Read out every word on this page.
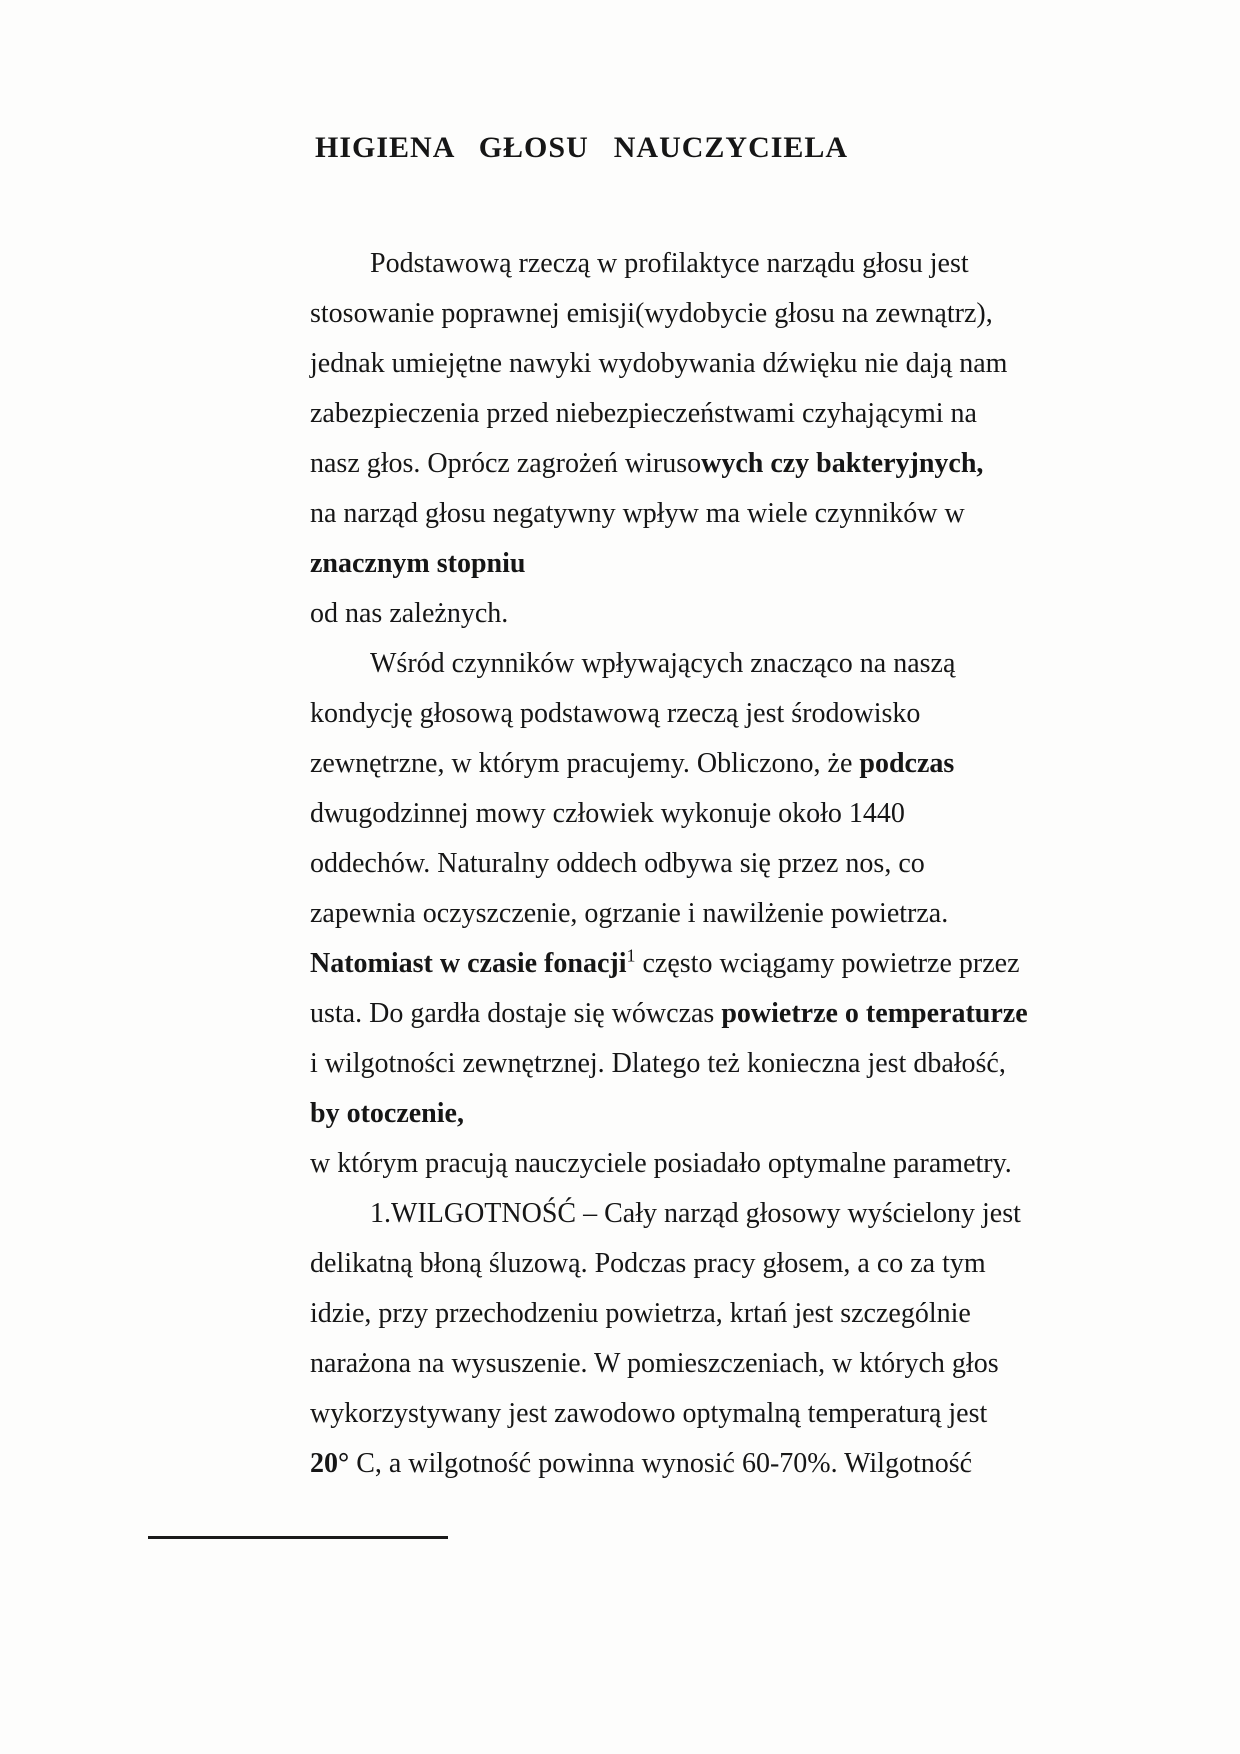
HIGIENA GŁOSU NAUCZYCIELA
Podstawową rzeczą w profilaktyce narządu głosu jest
stosowanie poprawnej emisji(wydobycie głosu na zewnątrz),
jednak umiejętne nawyki wydobywania dźwięku nie dają nam
zabezpieczenia przed niebezpieczeństwami czyhającymi na
nasz głos. Oprócz zagrożeń wirusowych czy bakteryjnych,
na narząd głosu negatywny wpływ ma wiele czynników w
znacznym stopniu
od nas zależnych.
Wśród czynników wpływających znacząco na naszą
kondycję głosową podstawową rzeczą jest środowisko
zewnętrzne, w którym pracujemy. Obliczono, że podczas
dwugodzinnej mowy człowiek wykonuje około 1440
oddechów. Naturalny oddech odbywa się przez nos, co
zapewnia oczyszczenie, ogrzanie i nawilżenie powietrza.
Natomiast w czasie fonacji$^1$ często wciągamy powietrze przez
usta. Do gardła dostaje się wówczas powietrze o temperaturze
i wilgotności zewnętrznej. Dlatego też konieczna jest dbałość,
by otoczenie,
w którym pracują nauczyciele posiadało optymalne parametry.
1.WILGOTNOŚĆ – Cały narząd głosowy wyścielony jest
delikatną błoną śluzową. Podczas pracy głosem, a co za tym
idzie, przy przechodzeniu powietrza, krtań jest szczególnie
narażona na wysuszenie. W pomieszczeniach, w których głos
wykorzystywany jest zawodowo optymalną temperaturą jest
20° C, a wilgotność powinna wynosić 60-70%. Wilgotność
